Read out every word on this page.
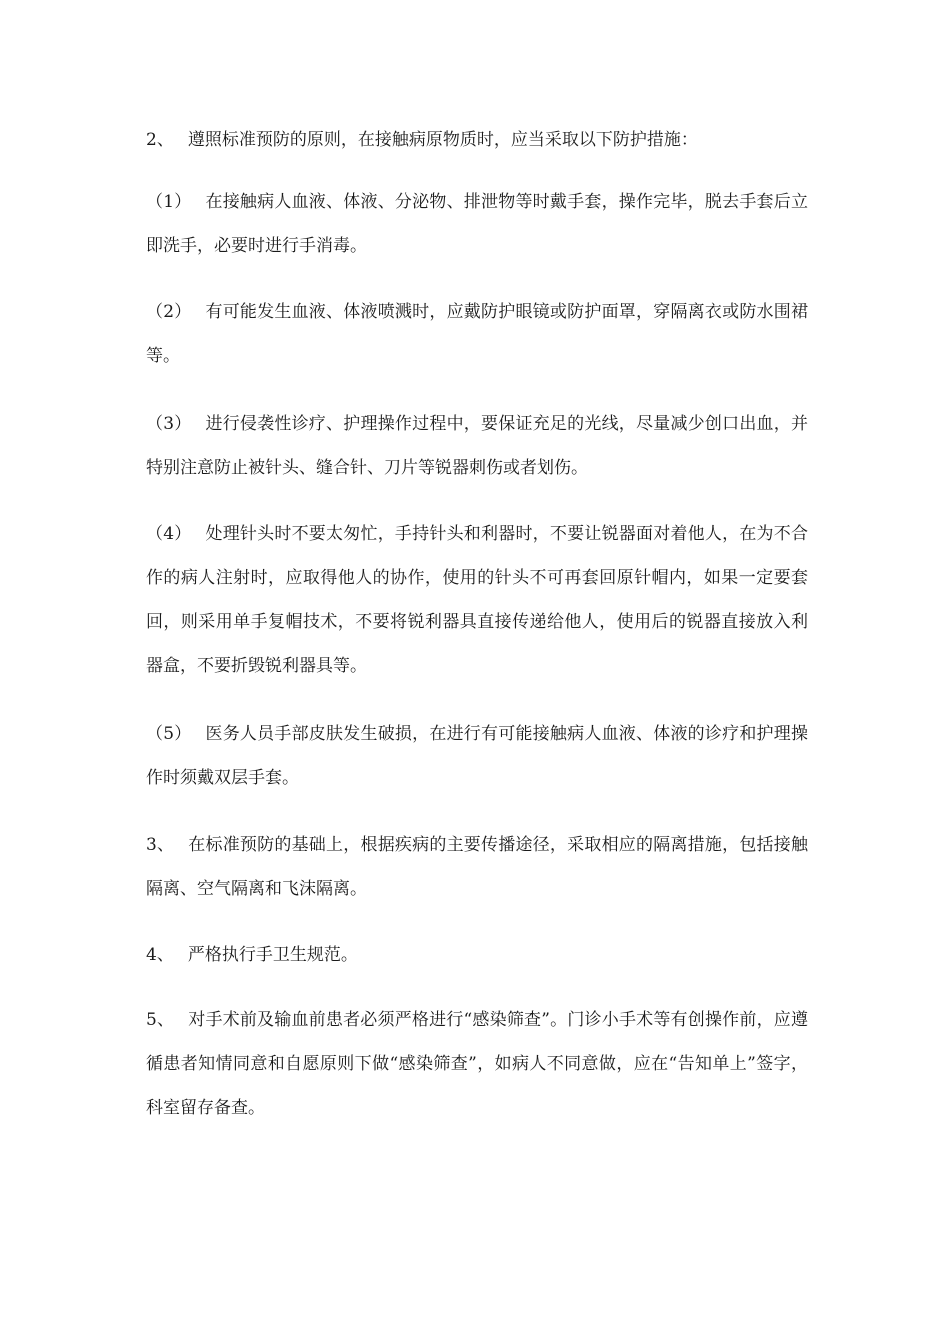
2、 遵照标准预防的原则，在接触病原物质时，应当采取以下防护措施：

（1） 在接触病人血液、体液、分泌物、排泄物等时戴手套，操作完毕，脱去手套后立即洗手，必要时进行手消毒。

（2） 有可能发生血液、体液喷溅时，应戴防护眼镜或防护面罩，穿隔离衣或防水围裙等。

（3） 进行侵袭性诊疗、护理操作过程中，要保证充足的光线，尽量减少创口出血，并特别注意防止被针头、缝合针、刀片等锐器刺伤或者划伤。

（4） 处理针头时不要太匆忙，手持针头和利器时，不要让锐器面对着他人，在为不合作的病人注射时，应取得他人的协作，使用的针头不可再套回原针帽内，如果一定要套回，则采用单手复帽技术，不要将锐利器具直接传递给他人，使用后的锐器直接放入利器盒，不要折毁锐利器具等。

（5） 医务人员手部皮肤发生破损，在进行有可能接触病人血液、体液的诊疗和护理操作时须戴双层手套。

3、 在标准预防的基础上，根据疾病的主要传播途径，采取相应的隔离措施，包括接触隔离、空气隔离和飞沫隔离。

4、 严格执行手卫生规范。

5、 对手术前及输血前患者必须严格进行“感染筛查”。门诊小手术等有创操作前，应遵循患者知情同意和自愿原则下做“感染筛查”，如病人不同意做，应在“告知单上”签字，科室留存备查。
